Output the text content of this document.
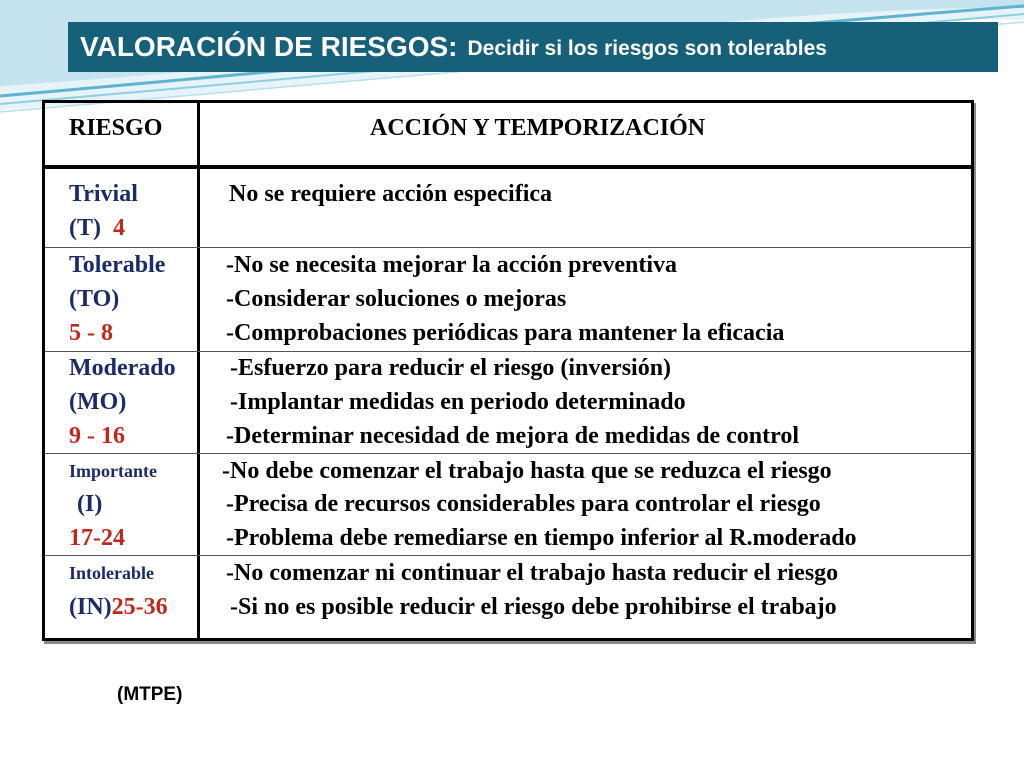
VALORACIÓN DE RIESGOS: Decidir si los riesgos son tolerables
RIESGO	ACCIÓN Y TEMPORIZACIÓN
Trivial
(T) 4
No se requiere acción especifica
Tolerable
(TO)
5 - 8
-No se necesita mejorar la acción preventiva
-Considerar soluciones o mejoras
-Comprobaciones periódicas para mantener la eficacia
Moderado
(MO)
9 - 16
-Esfuerzo para reducir el riesgo (inversión)
-Implantar medidas en periodo determinado
-Determinar necesidad de mejora de medidas de control
Importante
(I)
17-24
-No debe comenzar el trabajo hasta que se reduzca el riesgo
-Precisa de recursos considerables para controlar el riesgo
-Problema debe remediarse en tiempo inferior al R.moderado
Intolerable
(IN)25-36
-No comenzar ni continuar el trabajo hasta reducir el riesgo
-Si no es posible reducir el riesgo debe prohibirse el trabajo
(MTPE)
